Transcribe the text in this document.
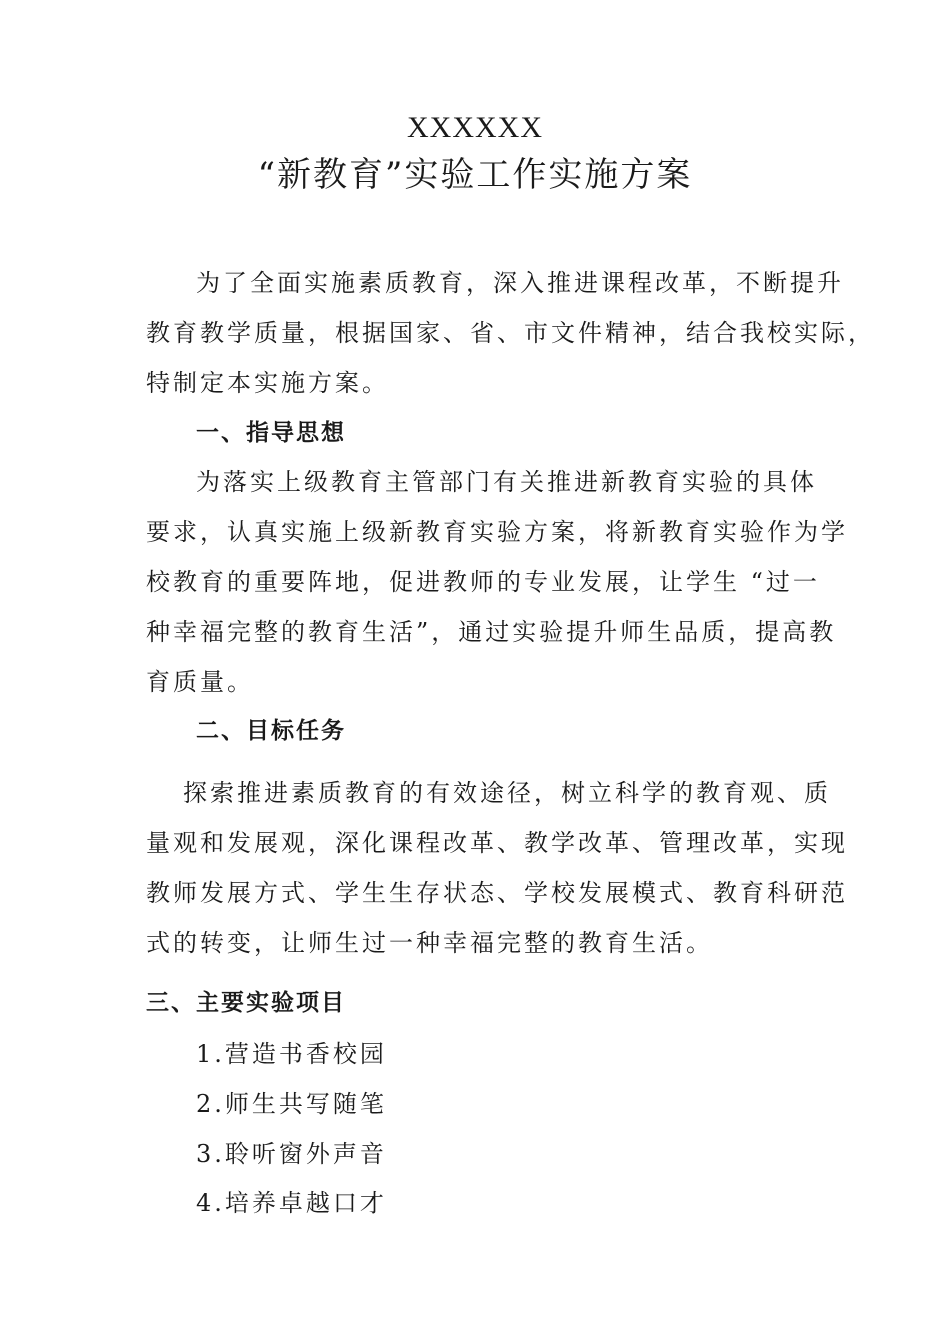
XXXXXX
“新教育”实验工作实施方案
为了全面实施素质教育，深入推进课程改革，不断提升
教育教学质量，根据国家、省、市文件精神，结合我校实际，
特制定本实施方案。
一、指导思想
为落实上级教育主管部门有关推进新教育实验的具体
要求，认真实施上级新教育实验方案，将新教育实验作为学
校教育的重要阵地，促进教师的专业发展，让学生 “过一
种幸福完整的教育生活”，通过实验提升师生品质，提高教
育质量。
二、目标任务
探索推进素质教育的有效途径，树立科学的教育观、质
量观和发展观，深化课程改革、教学改革、管理改革，实现
教师发展方式、学生生存状态、学校发展模式、教育科研范
式的转变，让师生过一种幸福完整的教育生活。
三、主要实验项目
1.营造书香校园
2.师生共写随笔
3.聆听窗外声音
4.培养卓越口才
